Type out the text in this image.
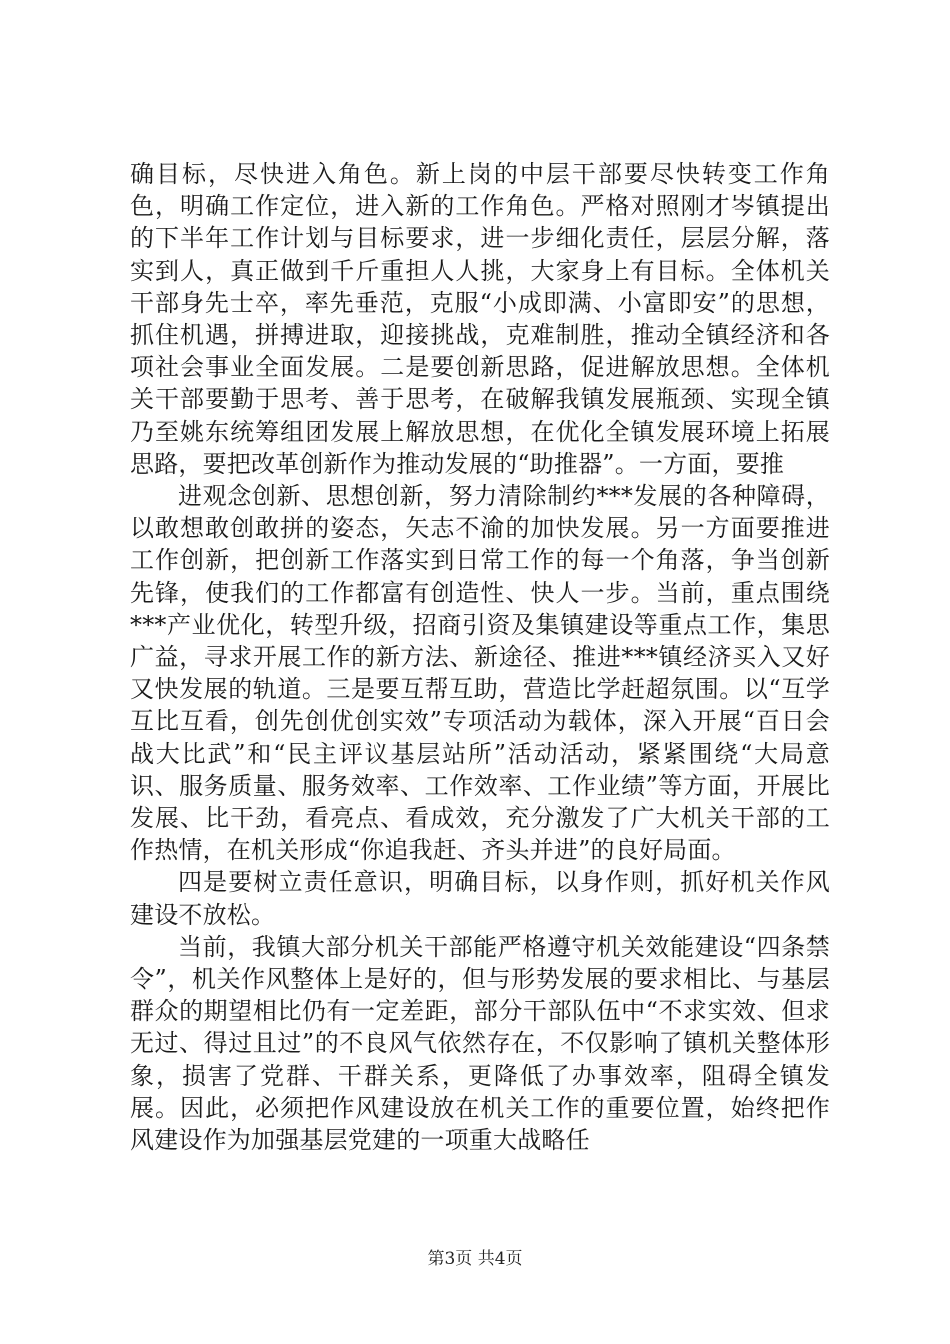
确目标，尽快进入角色。新上岗的中层干部要尽快转变工作角色，明确工作定位，进入新的工作角色。严格对照刚才岑镇提出的下半年工作计划与目标要求，进一步细化责任，层层分解，落实到人，真正做到千斤重担人人挑，大家身上有目标。全体机关干部身先士卒，率先垂范，克服“小成即满、小富即安”的思想，抓住机遇，拼搏进取，迎接挑战，克难制胜，推动全镇经济和各项社会事业全面发展。二是要创新思路，促进解放思想。全体机关干部要勤于思考、善于思考，在破解我镇发展瓶颈、实现全镇乃至姚东统筹组团发展上解放思想，在优化全镇发展环境上拓展思路，要把改革创新作为推动发展的“助推器”。一方面，要推

进观念创新、思想创新，努力清除制约***发展的各种障碍，以敢想敢创敢拼的姿态，矢志不渝的加快发展。另一方面要推进工作创新，把创新工作落实到日常工作的每一个角落，争当创新先锋，使我们的工作都富有创造性、快人一步。当前，重点围绕***产业优化，转型升级，招商引资及集镇建设等重点工作，集思广益，寻求开展工作的新方法、新途径、推进***镇经济买入又好又快发展的轨道。三是要互帮互助，营造比学赶超氛围。以“互学互比互看，创先创优创实效”专项活动为载体，深入开展“百日会战大比武”和“民主评议基层站所”活动活动，紧紧围绕“大局意识、服务质量、服务效率、工作效率、工作业绩”等方面，开展比发展、比干劲，看亮点、看成效，充分激发了广大机关干部的工作热情，在机关形成“你追我赶、齐头并进”的良好局面。

四是要树立责任意识，明确目标，以身作则，抓好机关作风建设不放松。

当前，我镇大部分机关干部能严格遵守机关效能建设“四条禁令”，机关作风整体上是好的，但与形势发展的要求相比、与基层群众的期望相比仍有一定差距，部分干部队伍中“不求实效、但求无过、得过且过”的不良风气依然存在，不仅影响了镇机关整体形象，损害了党群、干群关系，更降低了办事效率，阻碍全镇发展。因此，必须把作风建设放在机关工作的重要位置，始终把作风建设作为加强基层党建的一项重大战略任

第3页 共4页
